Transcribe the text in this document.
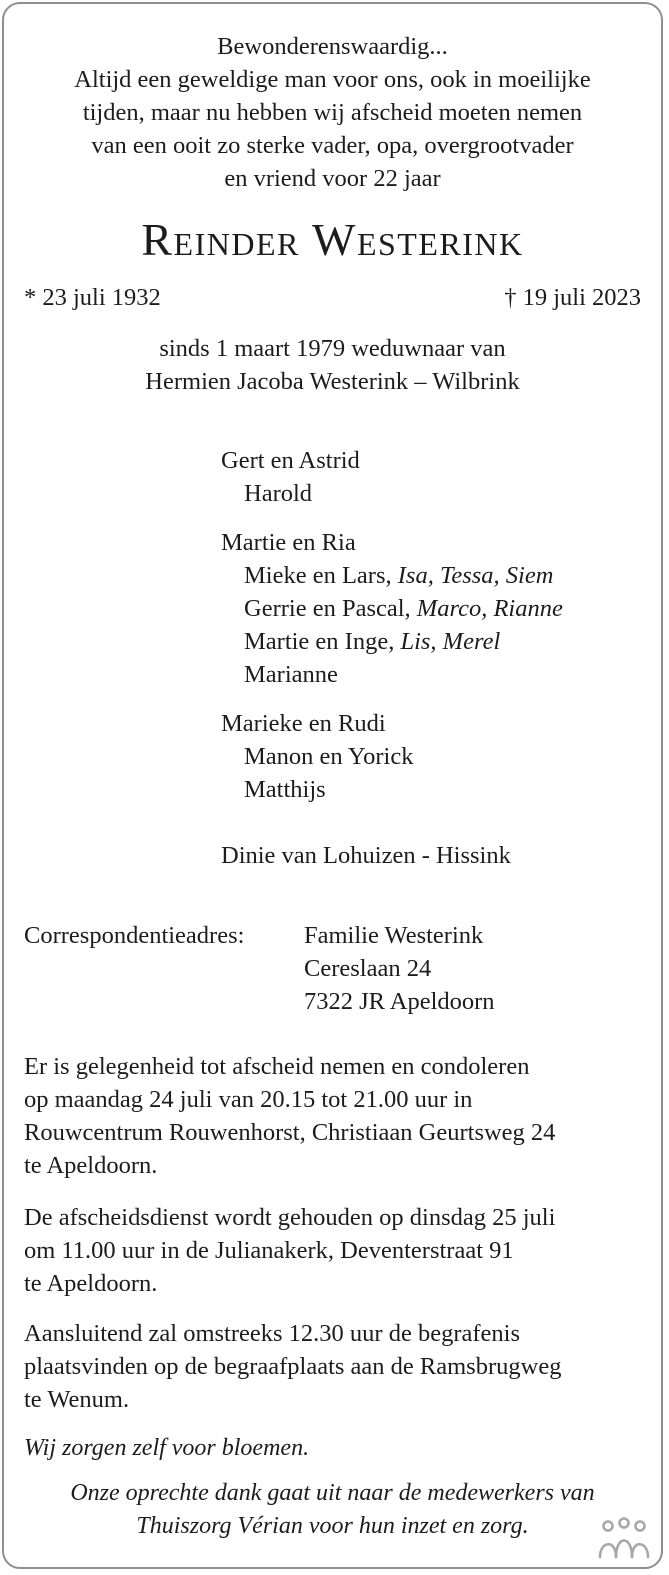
Bewonderenswaardig...
Altijd een geweldige man voor ons, ook in moeilijke
tijden, maar nu hebben wij afscheid moeten nemen
van een ooit zo sterke vader, opa, overgrootvader
en vriend voor 22 jaar
Reinder Westerink
* 23 juli 1932	† 19 juli 2023
sinds 1 maart 1979 weduwnaar van
Hermien Jacoba Westerink – Wilbrink
Gert en Astrid
Harold
Martie en Ria
Mieke en Lars, Isa, Tessa, Siem
Gerrie en Pascal, Marco, Rianne
Martie en Inge, Lis, Merel
Marianne
Marieke en Rudi
Manon en Yorick
Matthijs
Dinie van Lohuizen - Hissink
Correspondentieadres: Familie Westerink
Cereslaan 24
7322 JR Apeldoorn
Er is gelegenheid tot afscheid nemen en condoleren
op maandag 24 juli van 20.15 tot 21.00 uur in
Rouwcentrum Rouwenhorst, Christiaan Geurtsweg 24
te Apeldoorn.
De afscheidsdienst wordt gehouden op dinsdag 25 juli
om 11.00 uur in de Julianakerk, Deventerstraat 91
te Apeldoorn.
Aansluitend zal omstreeks 12.30 uur de begrafenis
plaatsvinden op de begraafplaats aan de Ramsbrugweg
te Wenum.
Wij zorgen zelf voor bloemen.
Onze oprechte dank gaat uit naar de medewerkers van
Thuiszorg Vérian voor hun inzet en zorg.
